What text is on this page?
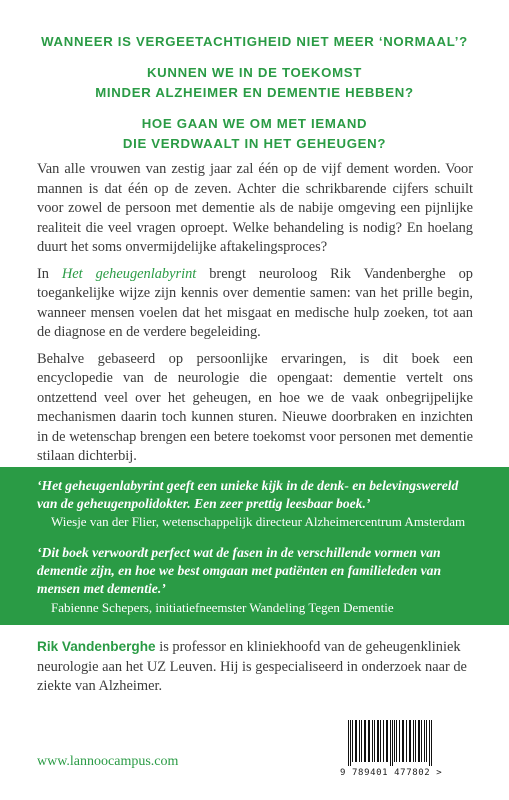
WANNEER IS VERGEETACHTIGHEID NIET MEER ‘NORMAAL’?
KUNNEN WE IN DE TOEKOMST
MINDER ALZHEIMER EN DEMENTIE HEBBEN?
HOE GAAN WE OM MET IEMAND
DIE VERDWAALT IN HET GEHEUGEN?

Van alle vrouwen van zestig jaar zal één op de vijf dement worden. Voor mannen is dat één op de zeven. Achter die schrikbarende cijfers schuilt voor zowel de persoon met dementie als de nabije omgeving een pijnlijke realiteit die veel vragen oproept. Welke behandeling is nodig? En hoelang duurt het soms onvermijdelijke aftakelingsproces?

In Het geheugenlabyrint brengt neuroloog Rik Vandenberghe op toegankelijke wijze zijn kennis over dementie samen: van het prille begin, wanneer mensen voelen dat het misgaat en medische hulp zoeken, tot aan de diagnose en de verdere begeleiding.

Behalve gebaseerd op persoonlijke ervaringen, is dit boek een encyclopedie van de neurologie die opengaat: dementie vertelt ons ontzettend veel over het geheugen, en hoe we de vaak onbegrijpelijke mechanismen daarin toch kunnen sturen. Nieuwe doorbraken en inzichten in de wetenschap brengen een betere toekomst voor personen met dementie stilaan dichterbij.

‘Het geheugenlabyrint geeft een unieke kijk in de denk- en belevingswereld van de geheugenpolidokter. Een zeer prettig leesbaar boek.’
Wiesje van der Flier, wetenschappelijk directeur Alzheimercentrum Amsterdam
‘Dit boek verwoordt perfect wat de fasen in de verschillende vormen van dementie zijn, en hoe we best omgaan met patiënten en familieleden van mensen met dementie.’
Fabienne Schepers, initiatiefneemster Wandeling Tegen Dementie
Rik Vandenberghe is professor en kliniekhoofd van de geheugenkliniek neurologie aan het UZ Leuven. Hij is gespecialiseerd in onderzoek naar de ziekte van Alzheimer.
www.lannoocampus.com
9 789401 477802 >
